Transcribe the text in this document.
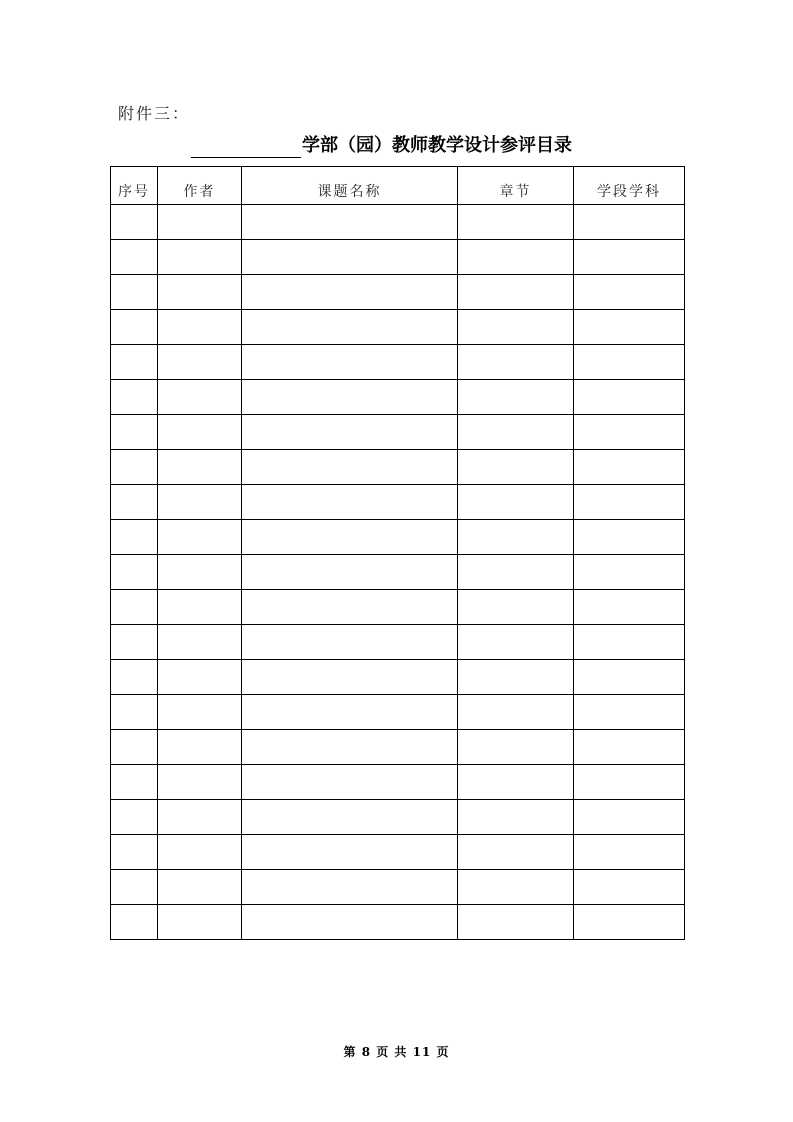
附件三：
学部（园）教师教学设计参评目录
序号	作者	课题名称	章节	学段学科

第 8 页 共 11 页
